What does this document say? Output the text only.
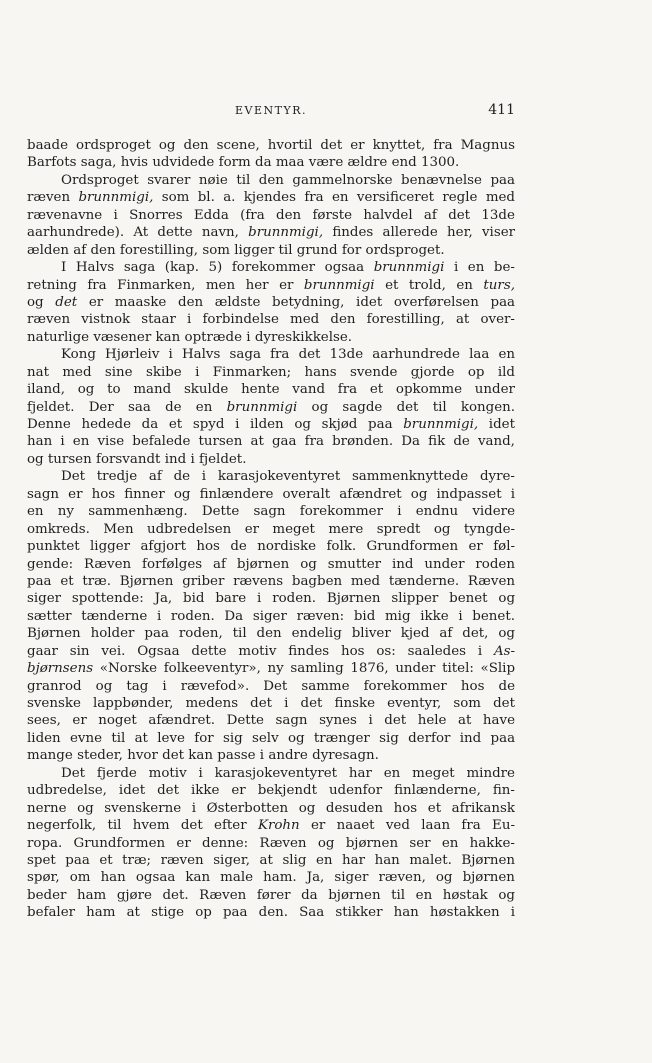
EVENTYR.	411
baade ordsproget og den scene, hvortil det er knyttet, fra Magnus
Barfots saga, hvis udvidede form da maa være ældre end 1300.
Ordsproget svarer nøie til den gammelnorske benævnelse paa
ræven brunnmigi, som bl. a. kjendes fra en versificeret regle med
rævenavne i Snorres Edda (fra den første halvdel af det 13de
aarhundrede). At dette navn, brunnmigi, findes allerede her, viser
ælden af den forestilling, som ligger til grund for ordsproget.
I Halvs saga (kap. 5) forekommer ogsaa brunnmigi i en be-
retning fra Finmarken, men her er brunnmigi et trold, en turs,
og det er maaske den ældste betydning, idet overførelsen paa
ræven vistnok staar i forbindelse med den forestilling, at over-
naturlige væsener kan optræde i dyreskikkelse.
Kong Hjørleiv i Halvs saga fra det 13de aarhundrede laa en
nat med sine skibe i Finmarken; hans svende gjorde op ild
iland, og to mand skulde hente vand fra et opkomme under
fjeldet. Der saa de en brunnmigi og sagde det til kongen.
Denne hedede da et spyd i ilden og skjød paa brunnmigi, idet
han i en vise befalede tursen at gaa fra brønden. Da fik de vand,
og tursen forsvandt ind i fjeldet.
Det tredje af de i karasjokeventyret sammenknyttede dyre-
sagn er hos finner og finlændere overalt afændret og indpasset i
en ny sammenhæng. Dette sagn forekommer i endnu videre
omkreds. Men udbredelsen er meget mere spredt og tyngde-
punktet ligger afgjort hos de nordiske folk. Grundformen er føl-
gende: Ræven forfølges af bjørnen og smutter ind under roden
paa et træ. Bjørnen griber rævens bagben med tænderne. Ræven
siger spottende: Ja, bid bare i roden. Bjørnen slipper benet og
sætter tænderne i roden. Da siger ræven: bid mig ikke i benet.
Bjørnen holder paa roden, til den endelig bliver kjed af det, og
gaar sin vei. Ogsaa dette motiv findes hos os: saaledes i As-
bjørnsens «Norske folkeeventyr», ny samling 1876, under titel: «Slip
granrod og tag i rævefod». Det samme forekommer hos de
svenske lappbønder, medens det i det finske eventyr, som det
sees, er noget afændret. Dette sagn synes i det hele at have
liden evne til at leve for sig selv og trænger sig derfor ind paa
mange steder, hvor det kan passe i andre dyresagn.
Det fjerde motiv i karasjokeventyret har en meget mindre
udbredelse, idet det ikke er bekjendt udenfor finlænderne, fin-
nerne og svenskerne i Østerbotten og desuden hos et afrikansk
negerfolk, til hvem det efter Krohn er naaet ved laan fra Eu-
ropa. Grundformen er denne: Ræven og bjørnen ser en hakke-
spet paa et træ; ræven siger, at slig en har han malet. Bjørnen
spør, om han ogsaa kan male ham. Ja, siger ræven, og bjørnen
beder ham gjøre det. Ræven fører da bjørnen til en høstak og
befaler ham at stige op paa den. Saa stikker han høstakken i
